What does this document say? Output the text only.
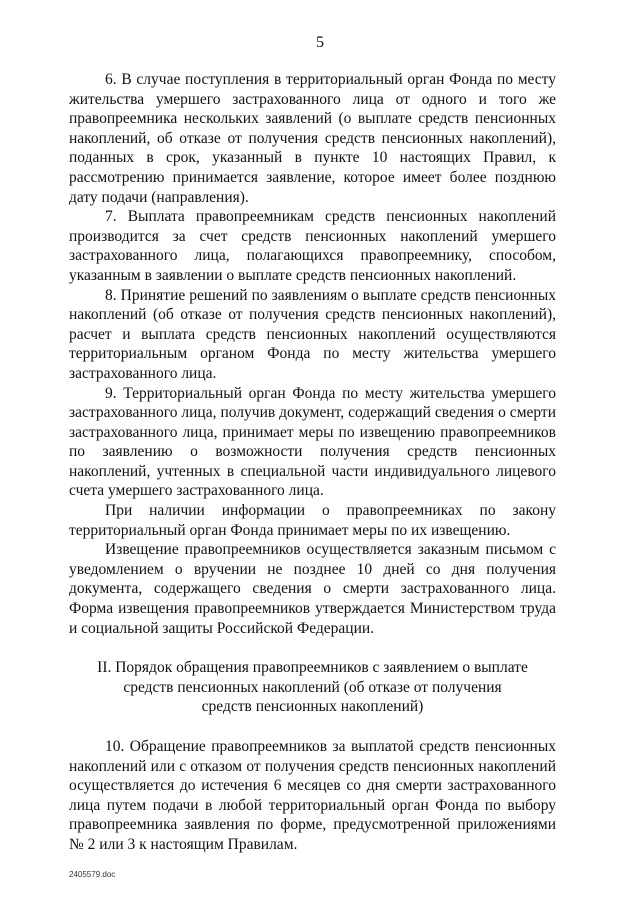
5

6. В случае поступления в территориальный орган Фонда по месту жительства умершего застрахованного лица от одного и того же правопреемника нескольких заявлений (о выплате средств пенсионных накоплений, об отказе от получения средств пенсионных накоплений), поданных в срок, указанный в пункте 10 настоящих Правил, к рассмотрению принимается заявление, которое имеет более позднюю дату подачи (направления).

7. Выплата правопреемникам средств пенсионных накоплений производится за счет средств пенсионных накоплений умершего застрахованного лица, полагающихся правопреемнику, способом, указанным в заявлении о выплате средств пенсионных накоплений.

8. Принятие решений по заявлениям о выплате средств пенсионных накоплений (об отказе от получения средств пенсионных накоплений), расчет и выплата средств пенсионных накоплений осуществляются территориальным органом Фонда по месту жительства умершего застрахованного лица.

9. Территориальный орган Фонда по месту жительства умершего застрахованного лица, получив документ, содержащий сведения о смерти застрахованного лица, принимает меры по извещению правопреемников по заявлению о возможности получения средств пенсионных накоплений, учтенных в специальной части индивидуального лицевого счета умершего застрахованного лица.

При наличии информации о правопреемниках по закону территориальный орган Фонда принимает меры по их извещению.

Извещение правопреемников осуществляется заказным письмом с уведомлением о вручении не позднее 10 дней со дня получения документа, содержащего сведения о смерти застрахованного лица. Форма извещения правопреемников утверждается Министерством труда и социальной защиты Российской Федерации.

II. Порядок обращения правопреемников с заявлением о выплате
средств пенсионных накоплений (об отказе от получения
средств пенсионных накоплений)

10. Обращение правопреемников за выплатой средств пенсионных накоплений или с отказом от получения средств пенсионных накоплений осуществляется до истечения 6 месяцев со дня смерти застрахованного лица путем подачи в любой территориальный орган Фонда по выбору правопреемника заявления по форме, предусмотренной приложениями № 2 или 3 к настоящим Правилам.

2405579.doc
